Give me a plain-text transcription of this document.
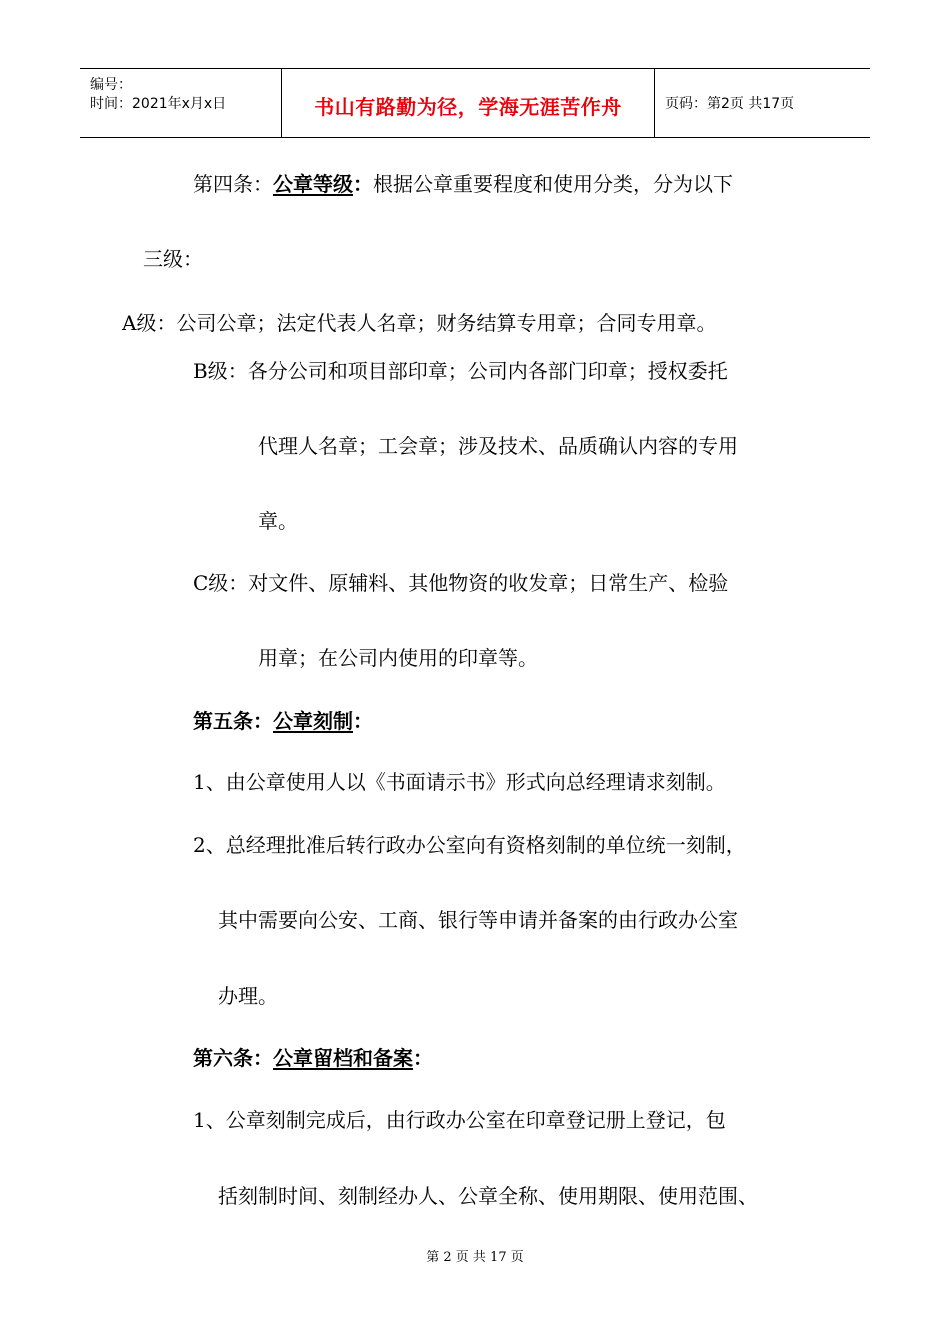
编号：
时间：2021年x月x日	书山有路勤为径，学海无涯苦作舟	页码：第2页 共17页
第四条：公章等级：根据公章重要程度和使用分类，分为以下
三级：
A级：公司公章；法定代表人名章；财务结算专用章；合同专用章。
B级：各分公司和项目部印章；公司内各部门印章；授权委托
代理人名章；工会章；涉及技术、品质确认内容的专用
章。
C级：对文件、原辅料、其他物资的收发章；日常生产、检验
用章；在公司内使用的印章等。
第五条：公章刻制：
1、由公章使用人以《书面请示书》形式向总经理请求刻制。
2、总经理批准后转行政办公室向有资格刻制的单位统一刻制，
其中需要向公安、工商、银行等申请并备案的由行政办公室
办理。
第六条：公章留档和备案：
1、公章刻制完成后，由行政办公室在印章登记册上登记，包
括刻制时间、刻制经办人、公章全称、使用期限、使用范围、
第 2 页 共 17 页
